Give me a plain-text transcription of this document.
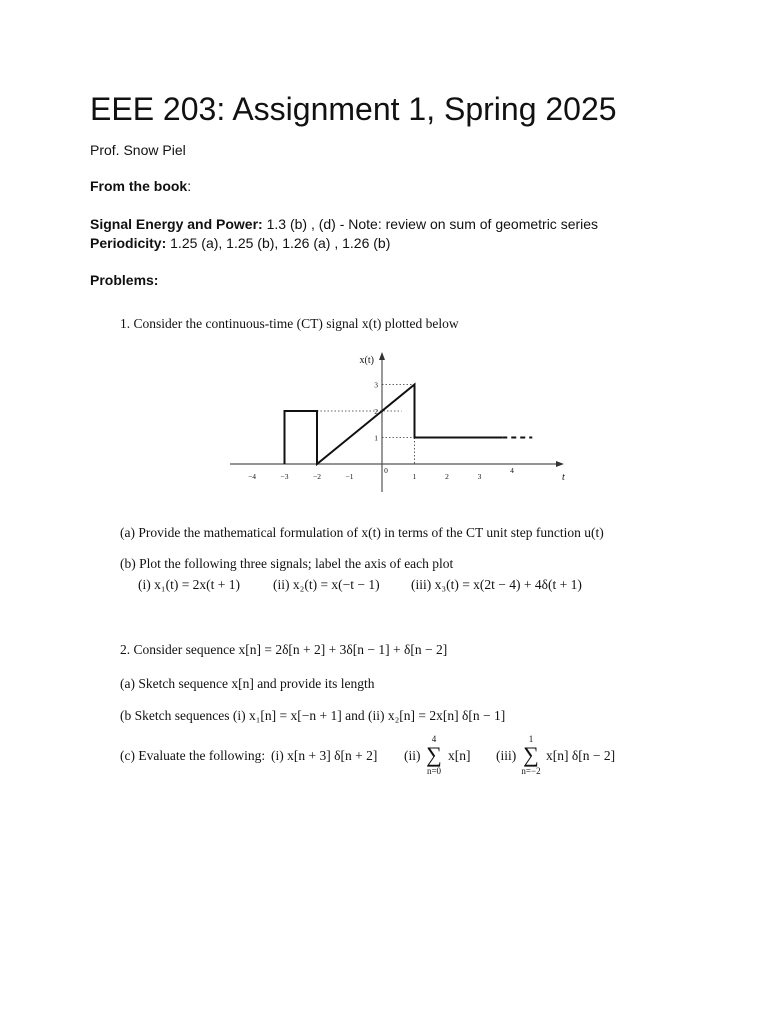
EEE 203: Assignment 1, Spring 2025
Prof. Snow Piel
From the book:
Signal Energy and Power: 1.3 (b) , (d) - Note: review on sum of geometric series
Periodicity: 1.25 (a), 1.25 (b), 1.26 (a) , 1.26 (b)
Problems:
1. Consider the continuous-time (CT) signal x(t) plotted below
x(t)
t
−4	−3	−2	−1
0
1	2	3
4
1
2
3
(a) Provide the mathematical formulation of x(t) in terms of the CT unit step function u(t)
(b) Plot the following three signals; label the axis of each plot
(i) x₁(t) = 2x(t + 1) (ii) x₂(t) = x(−t − 1) (iii) x₃(t) = x(2t − 4) + 4δ(t + 1)
2. Consider sequence x[n] = 2δ[n + 2] + 3δ[n − 1] + δ[n − 2]
(a) Sketch sequence x[n] and provide its length
(b Sketch sequences (i) x₁[n] = x[−n + 1] and (ii) x₂[n] = 2x[n] δ[n − 1]
(c) Evaluate the following: (i) x[n + 3] δ[n + 2] (ii)
4
∑
n=0
x[n] (iii)
1
∑
n=−2
x[n] δ[n − 2]
